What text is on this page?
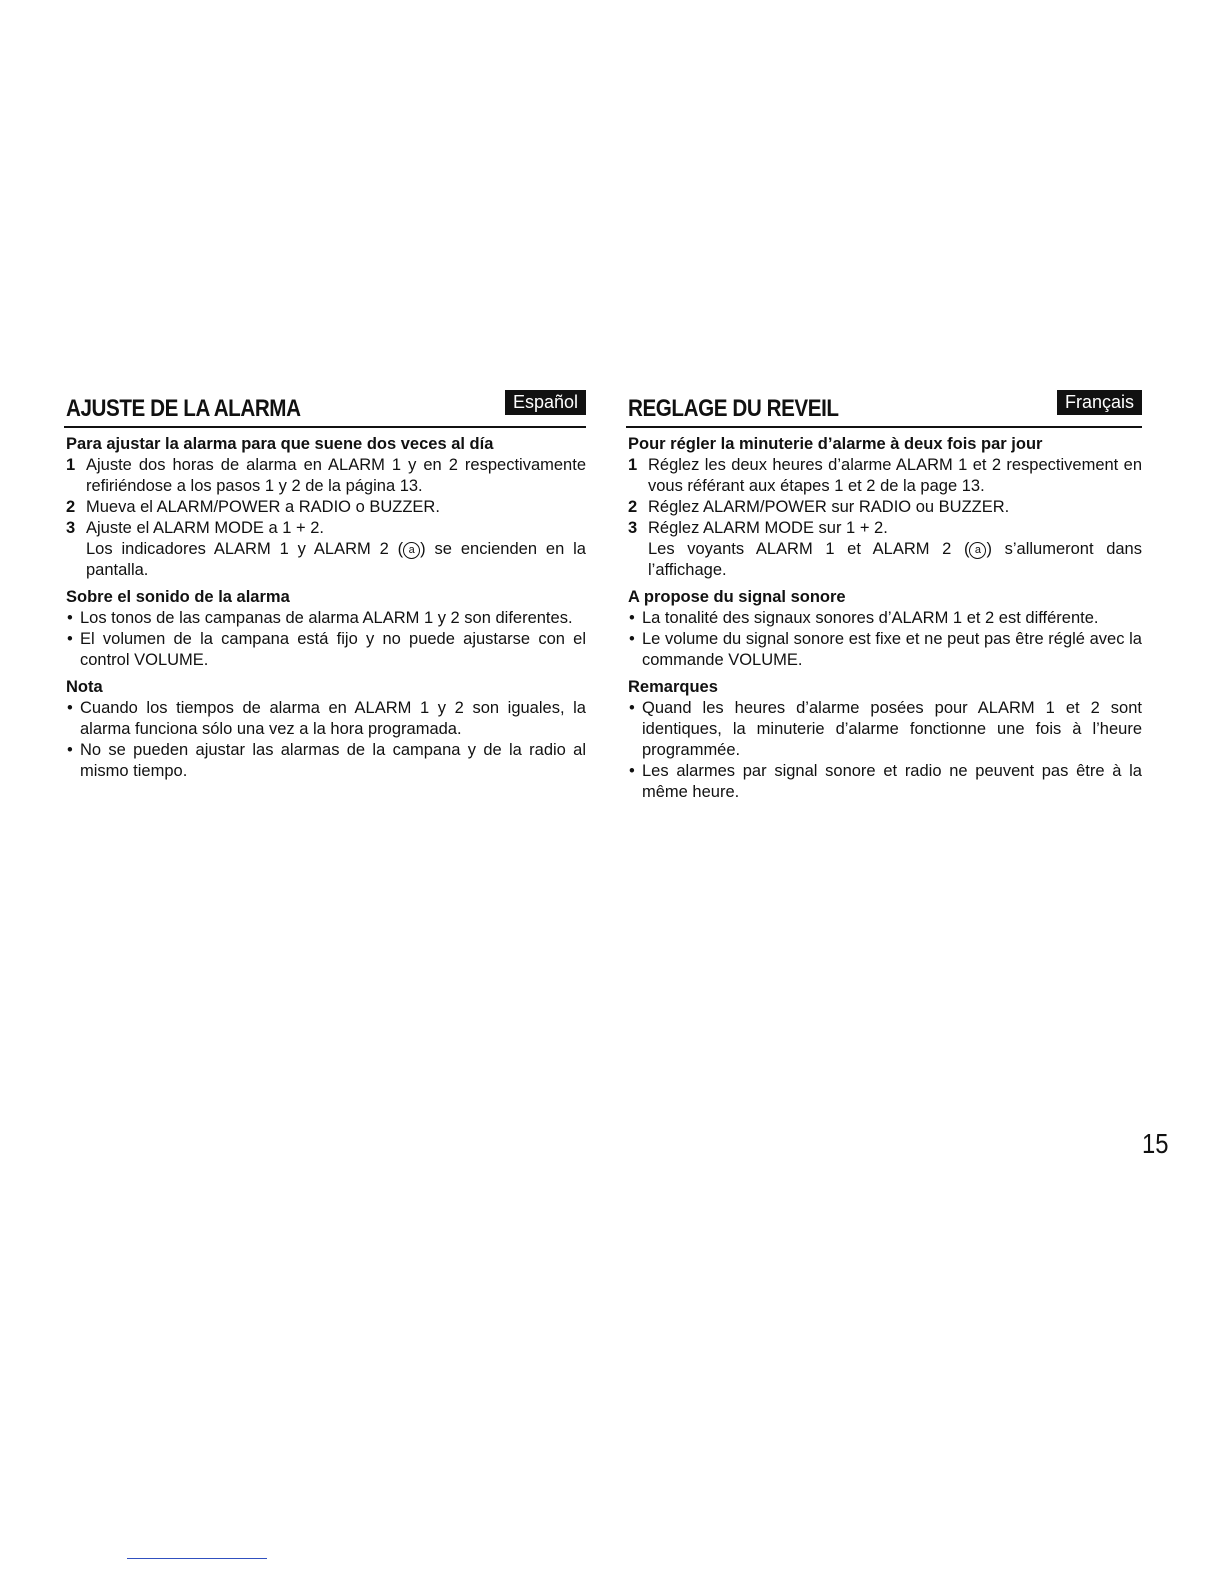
AJUSTE DE LA ALARMA	Español
Para ajustar la alarma para que suene dos veces al día
1 Ajuste dos horas de alarma en ALARM 1 y en 2 respectivamente refiriéndose a los pasos 1 y 2 de la página 13.
2 Mueva el ALARM/POWER a RADIO o BUZZER.
3 Ajuste el ALARM MODE a 1 + 2.
Los indicadores ALARM 1 y ALARM 2 ( a ) se encienden en la pantalla.
Sobre el sonido de la alarma
• Los tonos de las campanas de alarma ALARM 1 y 2 son diferentes.
• El volumen de la campana está fijo y no puede ajustarse con el control VOLUME.
Nota
• Cuando los tiempos de alarma en ALARM 1 y 2 son iguales, la alarma funciona sólo una vez a la hora programada.
• No se pueden ajustar las alarmas de la campana y de la radio al mismo tiempo.
REGLAGE DU REVEIL	Français
Pour régler la minuterie d’alarme à deux fois par jour
1 Réglez les deux heures d’alarme ALARM 1 et 2 respectivement en vous référant aux étapes 1 et 2 de la page 13.
2 Réglez ALARM/POWER sur RADIO ou BUZZER.
3 Réglez ALARM MODE sur 1 + 2.
Les voyants ALARM 1 et ALARM 2 ( a ) s’allumeront dans l’affichage.
A propose du signal sonore
• La tonalité des signaux sonores d’ALARM 1 et 2 est différente.
• Le volume du signal sonore est fixe et ne peut pas être réglé avec la commande VOLUME.
Remarques
• Quand les heures d’alarme posées pour ALARM 1 et 2 sont identiques, la minuterie d’alarme fonctionne une fois à l’heure programmée.
• Les alarmes par signal sonore et radio ne peuvent pas être à la même heure.
15
